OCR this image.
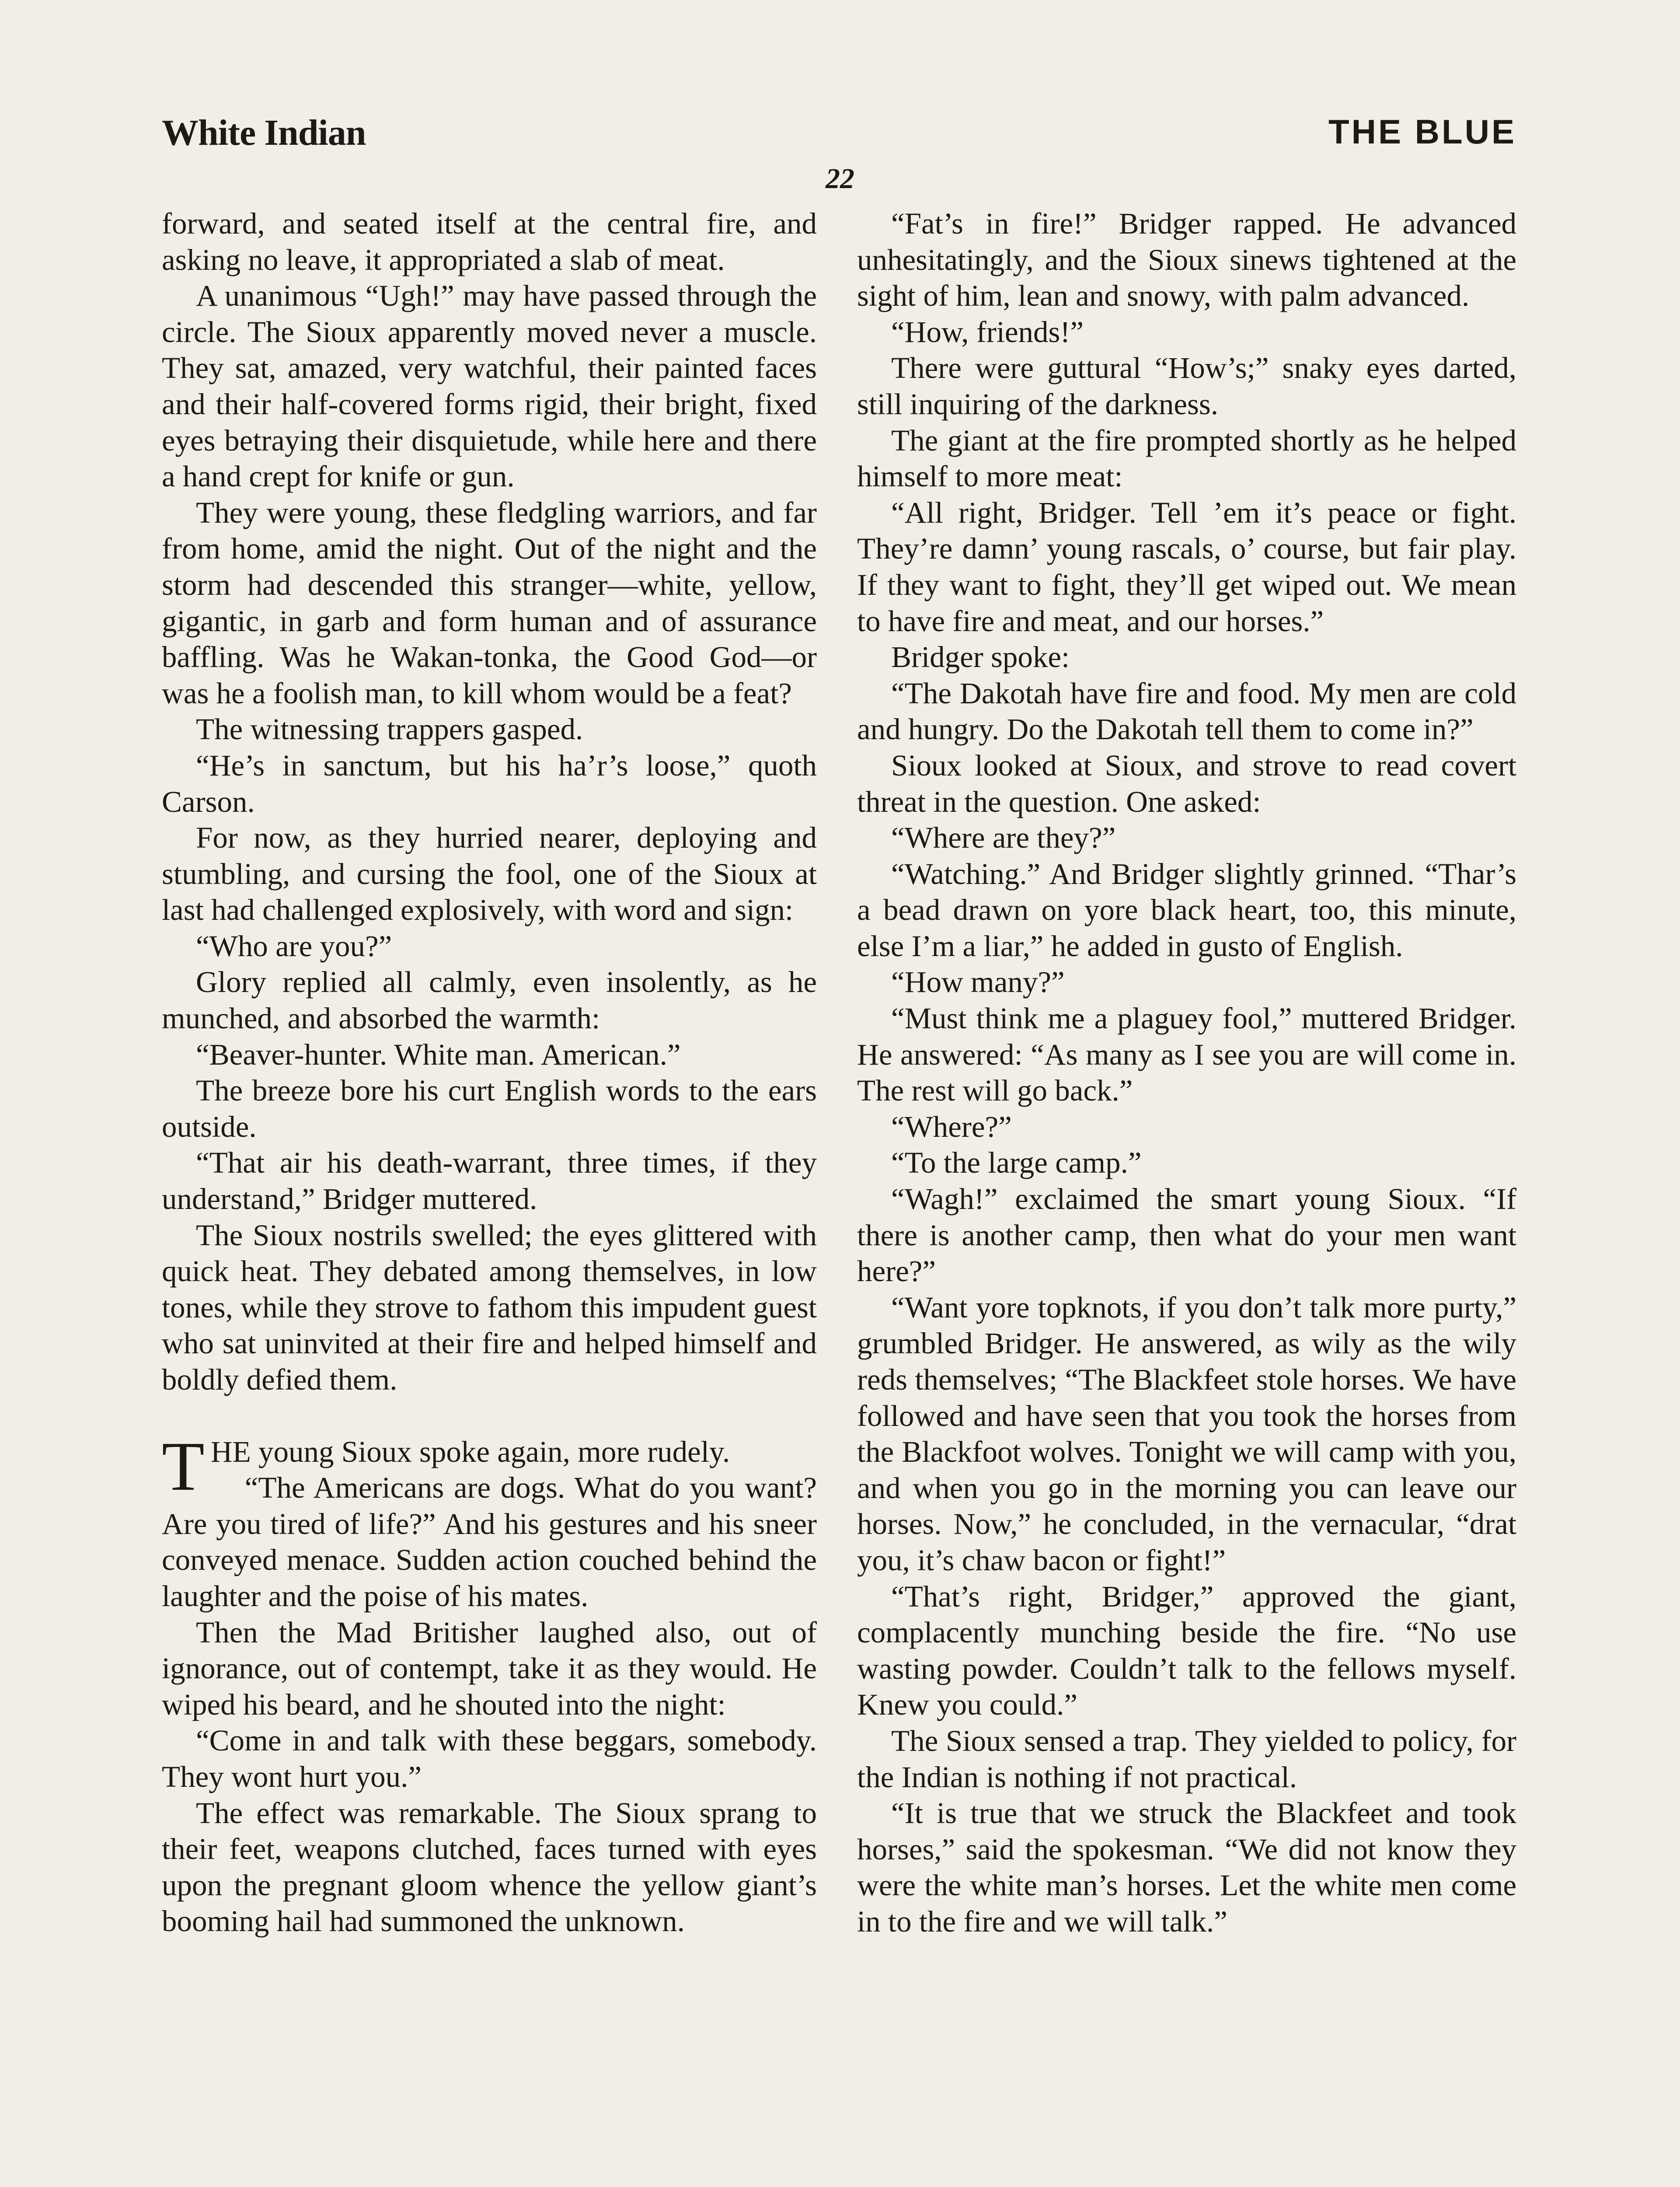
White Indian	THE BLUE
22

forward, and seated itself at the central fire, and asking no leave, it appropriated a slab of meat.

A unanimous “Ugh!” may have passed through the circle. The Sioux apparently moved never a muscle. They sat, amazed, very watchful, their painted faces and their half-covered forms rigid, their bright, fixed eyes betraying their disquietude, while here and there a hand crept for knife or gun.

They were young, these fledgling warriors, and far from home, amid the night. Out of the night and the storm had descended this stranger—white, yellow, gigantic, in garb and form human and of assurance baffling. Was he Wakan-tonka, the Good God—or was he a foolish man, to kill whom would be a feat?

The witnessing trappers gasped.

“He’s in sanctum, but his ha’r’s loose,” quoth Carson.

For now, as they hurried nearer, deploying and stumbling, and cursing the fool, one of the Sioux at last had challenged explosively, with word and sign:

“Who are you?”

Glory replied all calmly, even insolently, as he munched, and absorbed the warmth:

“Beaver-hunter. White man. American.”

The breeze bore his curt English words to the ears outside.

“That air his death-warrant, three times, if they understand,” Bridger muttered.

The Sioux nostrils swelled; the eyes glittered with quick heat. They debated among themselves, in low tones, while they strove to fathom this impudent guest who sat uninvited at their fire and helped himself and boldly defied them.

THE young Sioux spoke again, more rudely.

“The Americans are dogs. What do you want? Are you tired of life?” And his gestures and his sneer conveyed menace. Sudden action couched behind the laughter and the poise of his mates.

Then the Mad Britisher laughed also, out of ignorance, out of contempt, take it as they would. He wiped his beard, and he shouted into the night:

“Come in and talk with these beggars, somebody. They wont hurt you.”

The effect was remarkable. The Sioux sprang to their feet, weapons clutched, faces turned with eyes upon the pregnant gloom whence the yellow giant’s booming hail had summoned the unknown.

“Fat’s in fire!” Bridger rapped. He advanced unhesitatingly, and the Sioux sinews tightened at the sight of him, lean and snowy, with palm advanced.

“How, friends!”

There were guttural “How’s;” snaky eyes darted, still inquiring of the darkness.

The giant at the fire prompted shortly as he helped himself to more meat:

“All right, Bridger. Tell ’em it’s peace or fight. They’re damn’ young rascals, o’ course, but fair play. If they want to fight, they’ll get wiped out. We mean to have fire and meat, and our horses.”

Bridger spoke:

“The Dakotah have fire and food. My men are cold and hungry. Do the Dakotah tell them to come in?”

Sioux looked at Sioux, and strove to read covert threat in the question. One asked:

“Where are they?”

“Watching.” And Bridger slightly grinned. “Thar’s a bead drawn on yore black heart, too, this minute, else I’m a liar,” he added in gusto of English.

“How many?”

“Must think me a plaguey fool,” muttered Bridger. He answered: “As many as I see you are will come in. The rest will go back.”

“Where?”

“To the large camp.”

“Wagh!” exclaimed the smart young Sioux. “If there is another camp, then what do your men want here?”

“Want yore topknots, if you don’t talk more purty,” grumbled Bridger. He answered, as wily as the wily reds themselves; “The Blackfeet stole horses. We have followed and have seen that you took the horses from the Blackfoot wolves. Tonight we will camp with you, and when you go in the morning you can leave our horses. Now,” he concluded, in the vernacular, “drat you, it’s chaw bacon or fight!”

“That’s right, Bridger,” approved the giant, complacently munching beside the fire. “No use wasting powder. Couldn’t talk to the fellows myself. Knew you could.”

The Sioux sensed a trap. They yielded to policy, for the Indian is nothing if not practical.

“It is true that we struck the Blackfeet and took horses,” said the spokesman. “We did not know they were the white man’s horses. Let the white men come in to the fire and we will talk.”
